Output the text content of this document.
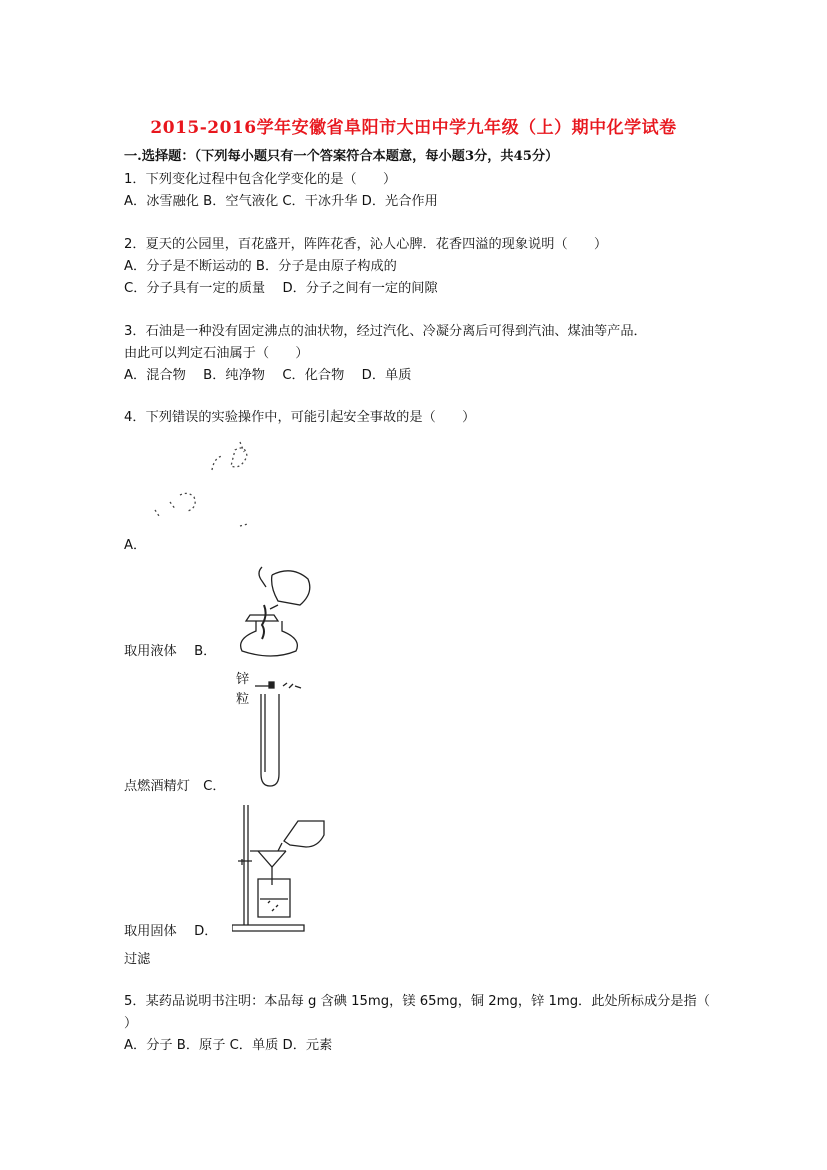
2015-2016学年安徽省阜阳市大田中学九年级（上）期中化学试卷
一.选择题：（下列每小题只有一个答案符合本题意，每小题3分，共45分）
1．下列变化过程中包含化学变化的是（　　）
A．冰雪融化 B．空气液化 C．干冰升华 D．光合作用
2．夏天的公园里，百花盛开，阵阵花香，沁人心脾．花香四溢的现象说明（　　）
A．分子是不断运动的 B．分子是由原子构成的
C．分子具有一定的质量　 D．分子之间有一定的间隙
3．石油是一种没有固定沸点的油状物，经过汽化、冷凝分离后可得到汽油、煤油等产品．
由此可以判定石油属于（　　）
A．混合物　 B．纯净物　 C．化合物　 D．单质
4．下列错误的实验操作中，可能引起安全事故的是（　　）
A．
取用液体　 B．
锌
粒
点燃酒精灯　C．
取用固体　 D．
过滤
5．某药品说明书注明：本品每 g 含碘 15mg，镁 65mg，铜 2mg，锌 1mg．此处所标成分是指（
）
A．分子 B．原子 C．单质 D．元素
